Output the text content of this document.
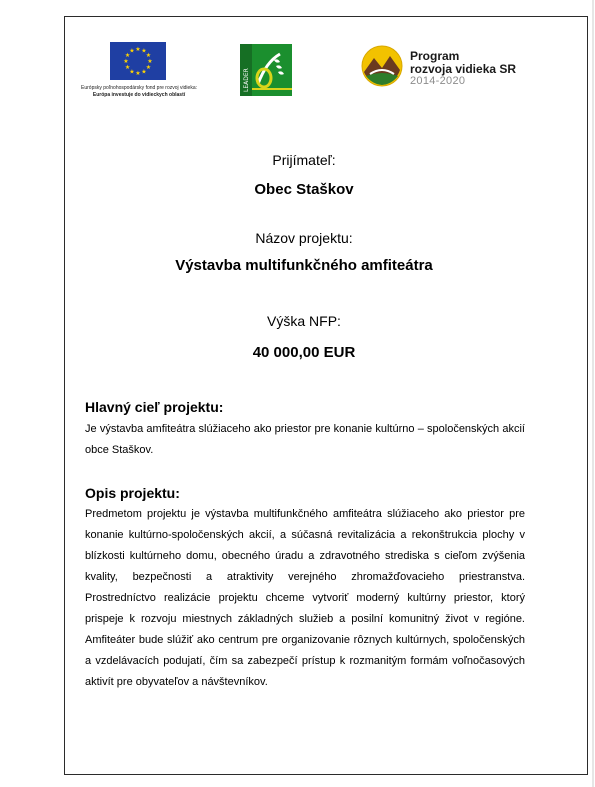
★ ★
★
★
★
★
★
★
★
★
★
★
Európsky poľnohospodársky fond pre rozvoj vidieka:
Európa investuje do vidieckych oblastí
LEADER
Program
rozvoja vidieka SR
2014-2020
Prijímateľ:
Obec Staškov
Názov projektu:
Výstavba multifunkčného amfiteátra
Výška NFP:
40 000,00 EUR
Hlavný cieľ projektu:
Je výstavba amfiteátra slúžiaceho ako priestor pre konanie kultúrno – spoločenských akcií obce Staškov.
Opis projektu:
Predmetom projektu je výstavba multifunkčného amfiteátra slúžiaceho ako priestor pre konanie kultúrno-spoločenských akcií, a súčasná revitalizácia a rekonštrukcia plochy v blízkosti kultúrneho domu, obecného úradu a zdravotného strediska s cieľom zvýšenia kvality, bezpečnosti a atraktivity verejného zhromažďovacieho priestranstva. Prostredníctvo realizácie projektu chceme vytvoriť moderný kultúrny priestor, ktorý prispeje k rozvoju miestnych základných služieb a posilní komunitný život v regióne. Amfiteáter bude slúžiť ako centrum pre organizovanie rôznych kultúrnych, spoločenských a vzdelávacích podujatí, čím sa zabezpečí prístup k rozmanitým formám voľnočasových aktivít pre obyvateľov a návštevníkov.
